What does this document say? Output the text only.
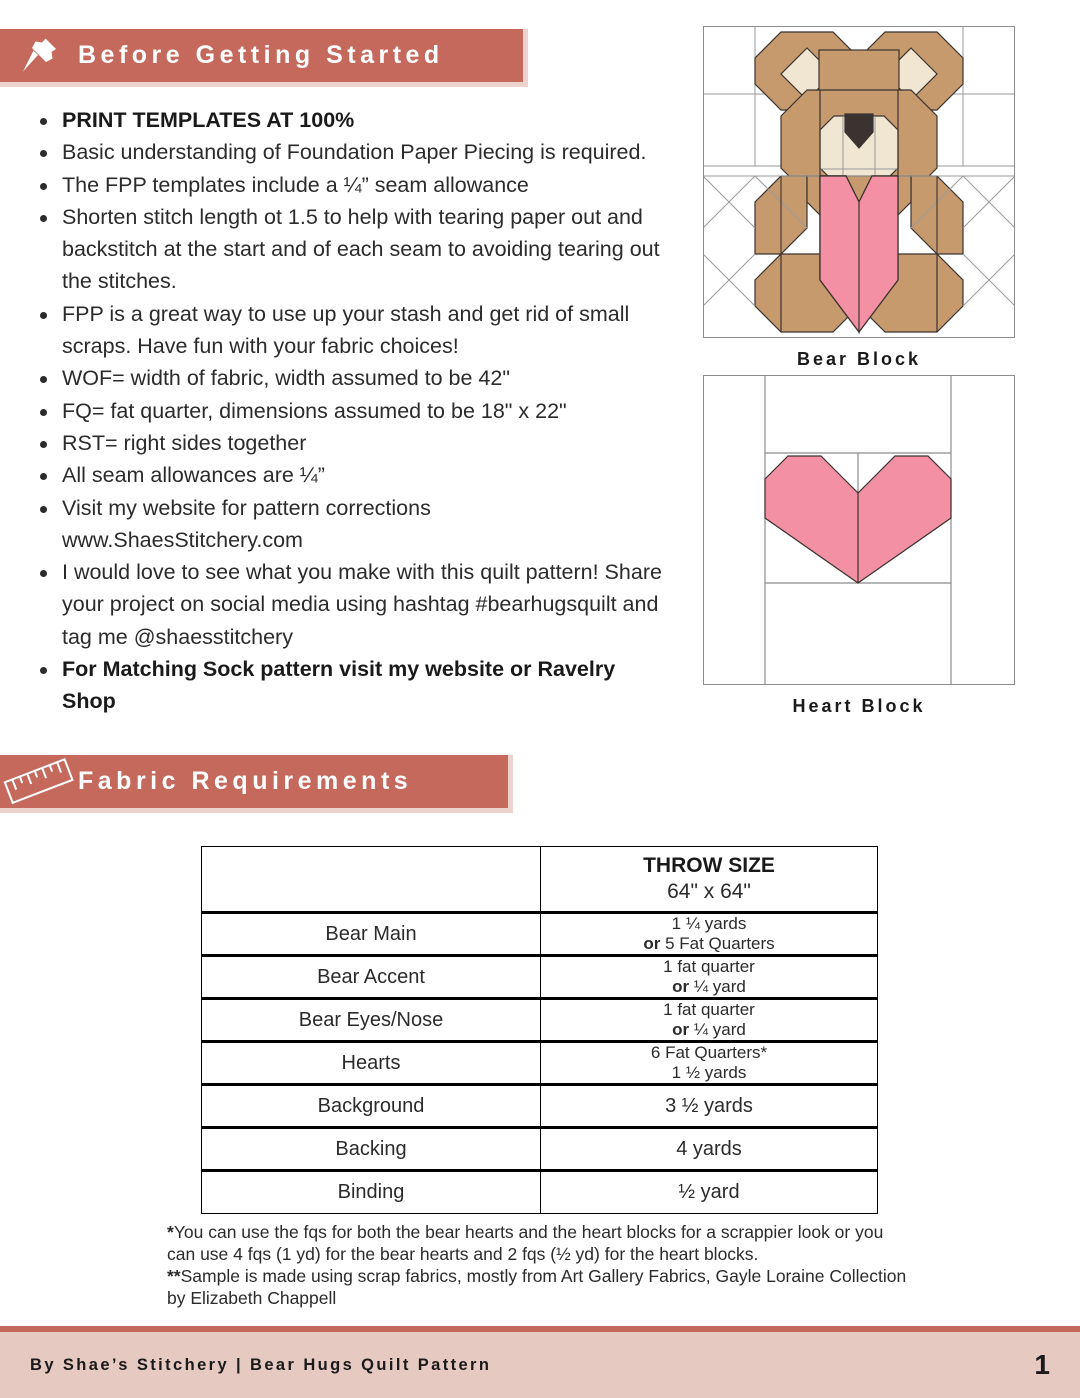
Before Getting Started
PRINT TEMPLATES AT 100%
Basic understanding of Foundation Paper Piecing is required.
The FPP templates include a ¼” seam allowance
Shorten stitch length ot 1.5 to help with tearing paper out and backstitch at the start and of each seam to avoiding tearing out the stitches.
FPP is a great way to use up your stash and get rid of small scraps. Have fun with your fabric choices!
WOF= width of fabric, width assumed to be 42"
FQ= fat quarter, dimensions assumed to be 18" x 22"
RST= right sides together
All seam allowances are ¼”
Visit my website for pattern corrections www.ShaesStitchery.com
I would love to see what you make with this quilt pattern! Share your project on social media using hashtag #bearhugsquilt and tag me @shaesstitchery
For Matching Sock pattern visit my website or Ravelry Shop
Bear Block
Heart Block
Fabric Requirements

	THROW SIZE
64" x 64"

Bear Main	1 ¼ yards
or 5 Fat Quarters

Bear Accent	1 fat quarter
or ¼ yard

Bear Eyes/Nose	1 fat quarter
or ¼ yard

Hearts	6 Fat Quarters*
1 ½ yards

Background	3 ½ yards
Backing	4 yards
Binding	½ yard

*You can use the fqs for both the bear hearts and the heart blocks for a scrappier look or you can use 4 fqs (1 yd) for the bear hearts and 2 fqs (½ yd) for the heart blocks.

**Sample is made using scrap fabrics, mostly from Art Gallery Fabrics, Gayle Loraine Collection by Elizabeth Chappell

By Shae’s Stitchery | Bear Hugs Quilt Pattern	1
